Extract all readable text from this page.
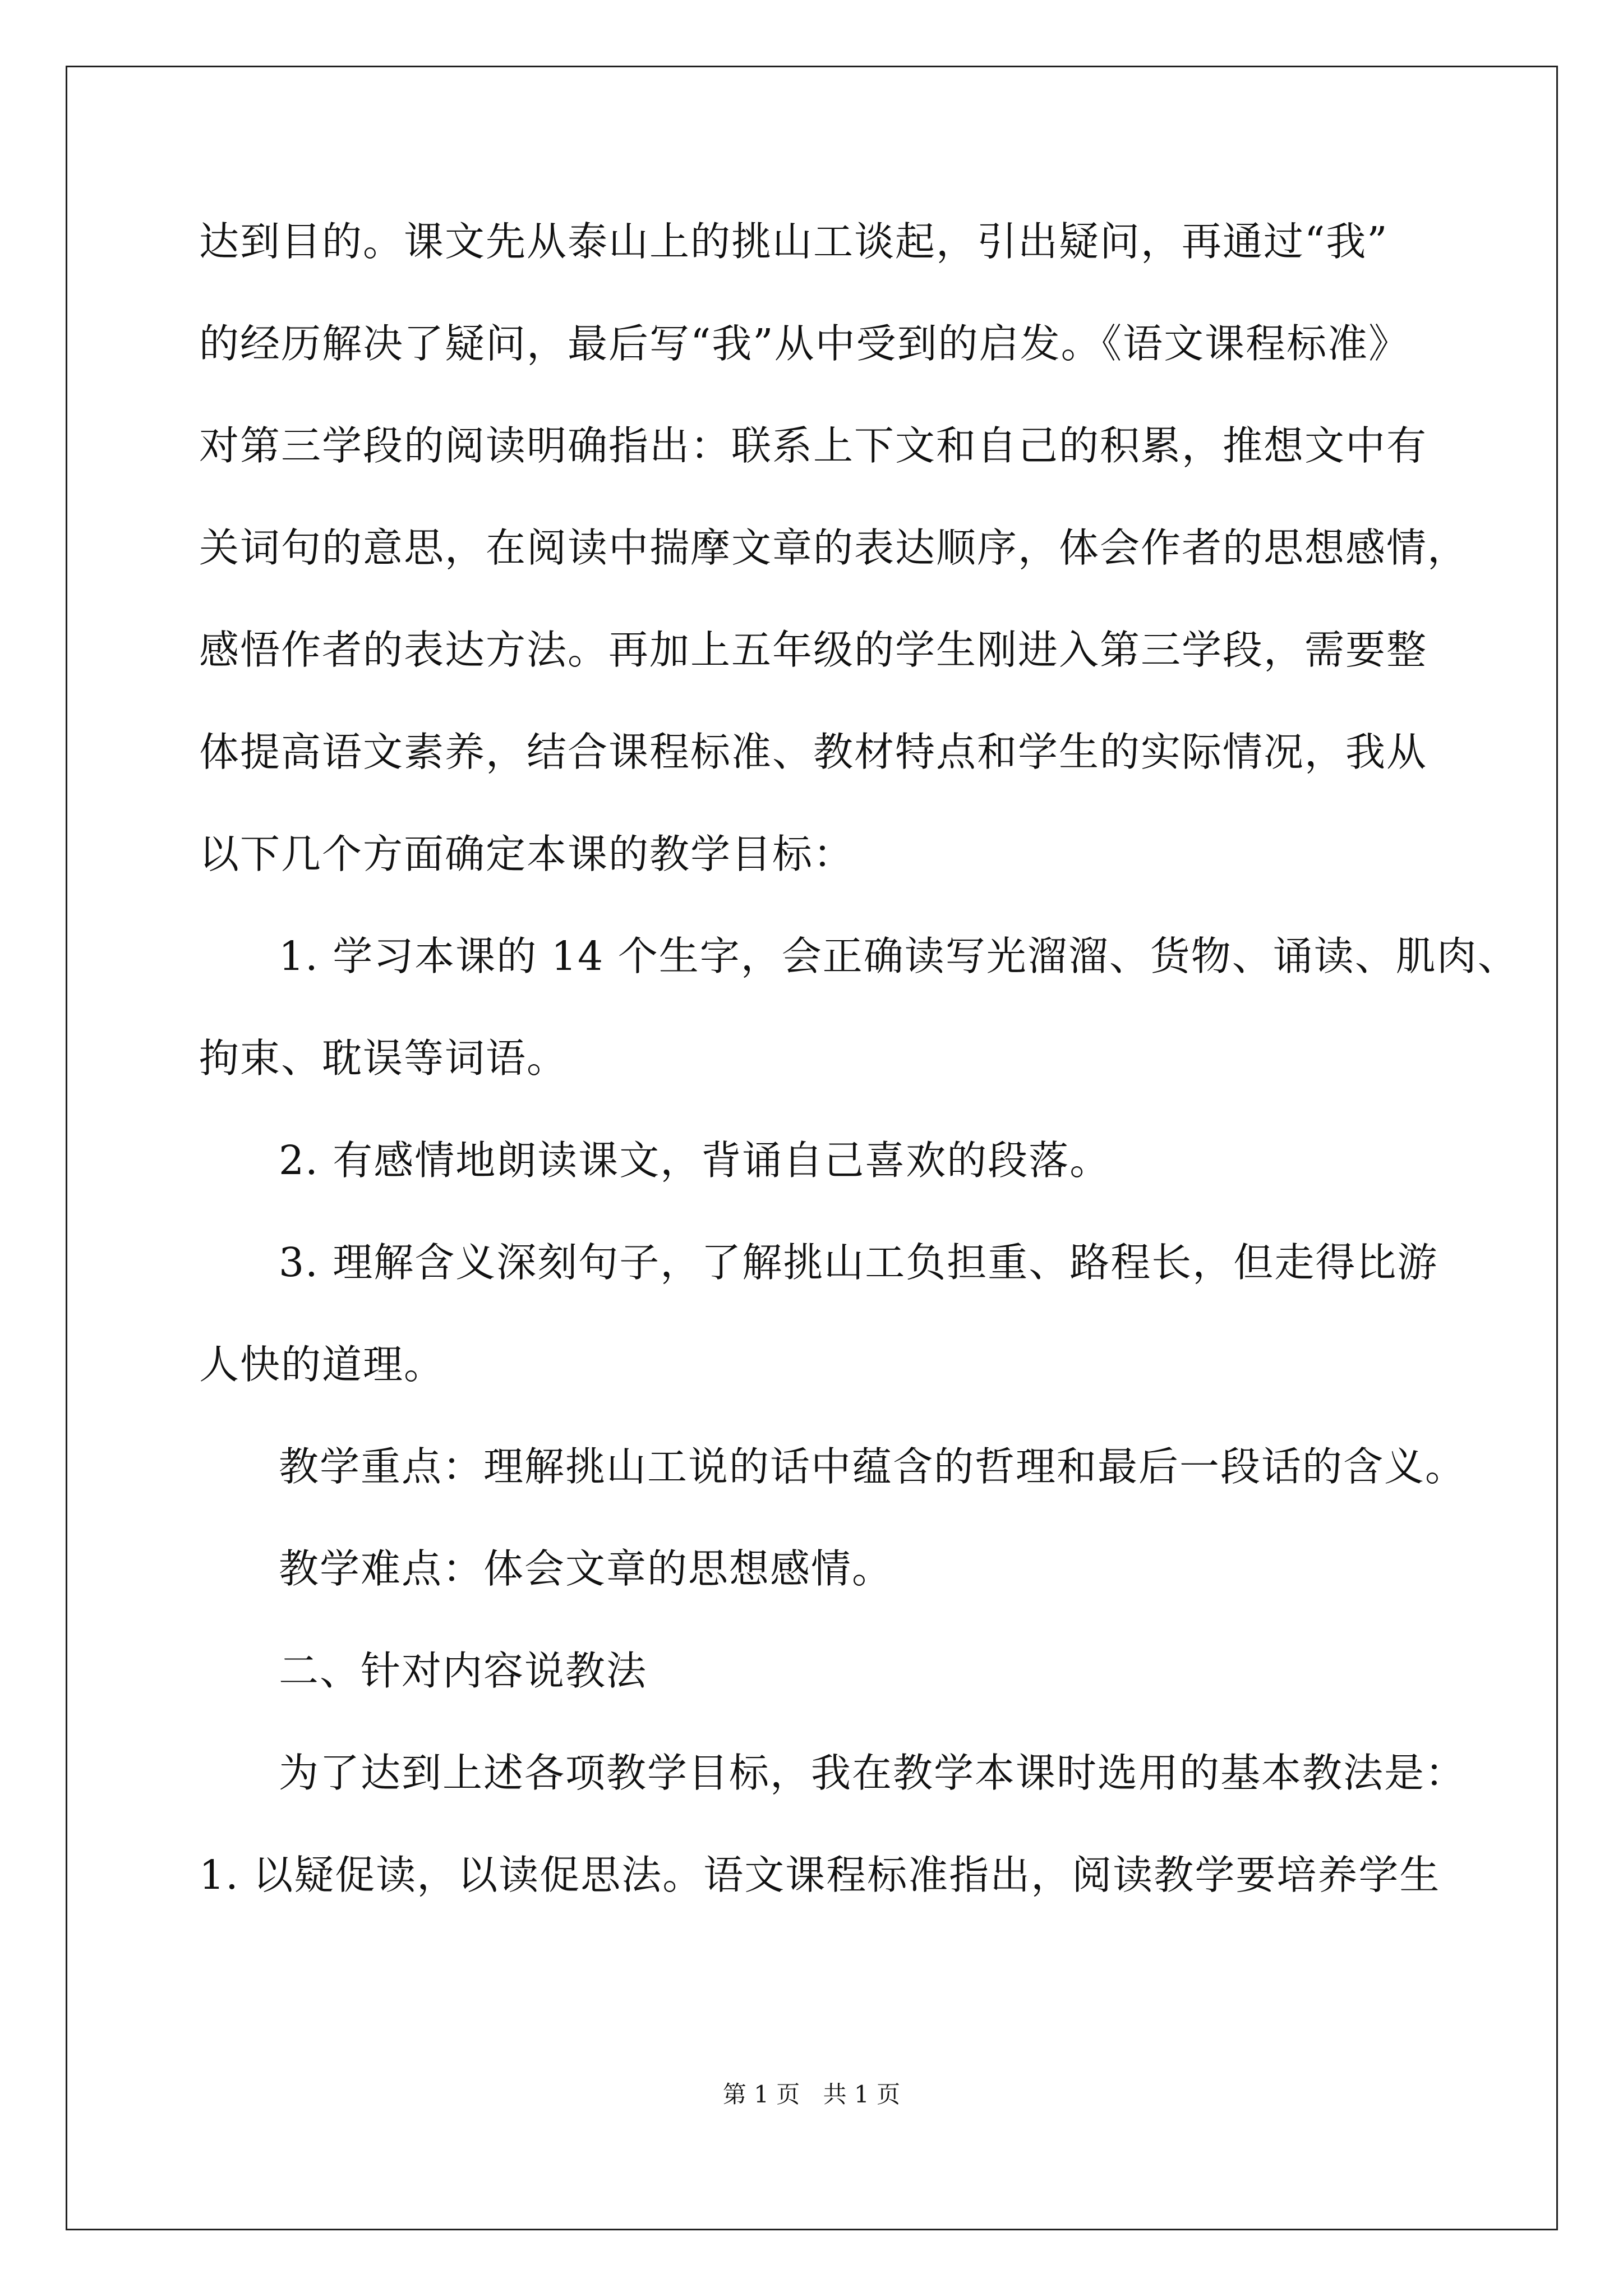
达到目的。课文先从泰山上的挑山工谈起，引出疑问，再通过“我”
的经历解决了疑问，最后写“我”从中受到的启发。《语文课程标准》
对第三学段的阅读明确指出：联系上下文和自己的积累，推想文中有
关词句的意思，在阅读中揣摩文章的表达顺序，体会作者的思想感情，
感悟作者的表达方法。再加上五年级的学生刚进入第三学段，需要整
体提高语文素养，结合课程标准、教材特点和学生的实际情况，我从
以下几个方面确定本课的教学目标：
1. 学习本课的 14 个生字，会正确读写光溜溜、货物、诵读、肌肉、
拘束、耽误等词语。
2. 有感情地朗读课文，背诵自己喜欢的段落。
3. 理解含义深刻句子，了解挑山工负担重、路程长，但走得比游
人快的道理。
教学重点：理解挑山工说的话中蕴含的哲理和最后一段话的含义。
教学难点：体会文章的思想感情。
二、针对内容说教法
为了达到上述各项教学目标，我在教学本课时选用的基本教法是：
1. 以疑促读，以读促思法。语文课程标准指出，阅读教学要培养学生
第 1 页 共 1 页
